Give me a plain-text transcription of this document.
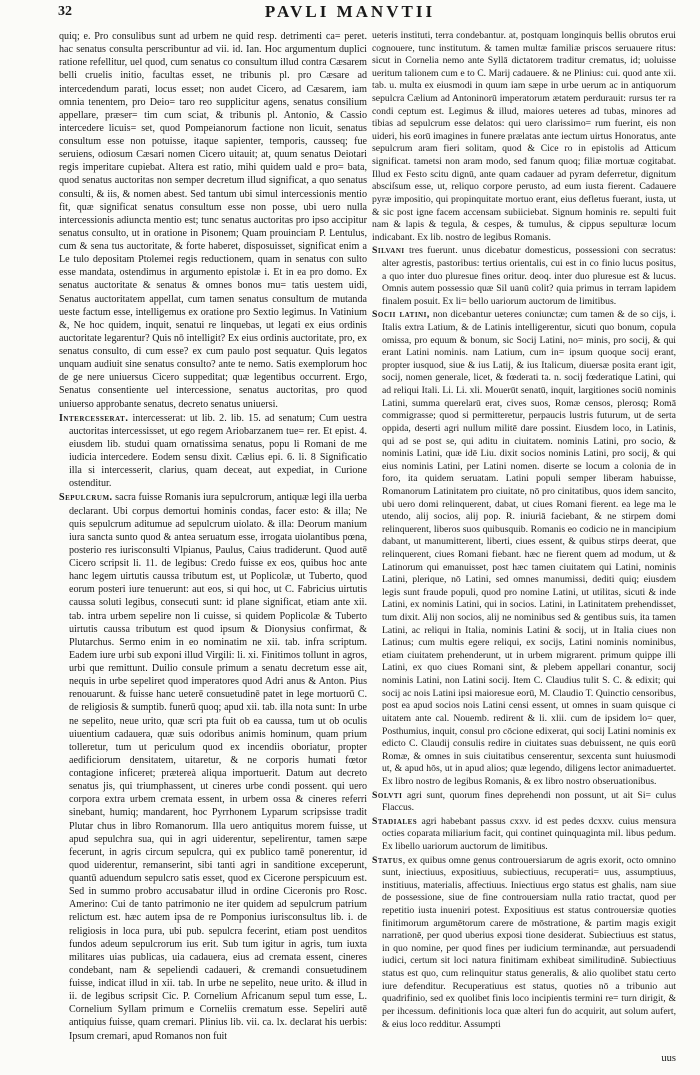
32	PAVLI MANVTII

quiq; e. Pro consulibus sunt ad urbem ne quid resp. detrimenti ca= peret. hac senatus consulta perscribuntur ad vii. id. Ian. Hoc argumentum duplici ratione refellitur, uel quod, cum senatus co consultum illud contra Cæsarem belli cruelis initio, facultas esset, ne tribunis pl. pro Cæsare ad intercedendum parati, locus esset; non audet Cicero, ad Cæsarem, iam omnia tenentem, pro Deio= taro reo supplicitur agens, senatus consilium appellare, præser= tim cum sciat, & tribunis pl. Antonio, & Cassio intercedere licuis= set, quod Pompeianorum factione non licuit, senatus consultum esse non potuisse, itaque sapienter, temporis, causseq; fue seruiens, odiosum Cæsari nomen Cicero uitauit; at, quum senatus Deiotari regis imperitare cupiebat. Altera est ratio, mihi quidem uald e pro= bata, quod senatus auctoritas non semper decretum illud significat, a quo senatus consulti, & iis, & nomen abest. Sed tantum ubi simul intercessionis mentio fit, quæ significat senatus consultum esse non posse, ubi uero nulla intercessionis adiuncta mentio est; tunc senatus auctoritas pro ipso accipitur senatus consulto, ut in oratione in Pisonem; Quam prouinciam P. Lentulus, cum & sena tus auctoritate, & forte haberet, disposuisset, significat enim a Le tulo depositam Ptolemei regis reductionem, quam in senatus con sulto esse mandata, ostendimus in argumento epistolæ i. Et in ea pro domo. Ex senatus auctoritate & senatus & omnes bonos mu= tatis uestem uidi, Senatus auctoritatem appellat, cum tamen senatus consultum de mutanda ueste factum esse, intelligemus ex oratione pro Sextio legimus. In Vatinium &, Ne hoc quidem, inquit, senatui re linquebas, ut legati ex eius ordinis auctoritate legarentur? Quis nō intelligit? Ex eius ordinis auctoritate, pro, ex senatus consulto, di cum esse? ex cum paulo post sequatur. Quis legatos unquam audiuit sine senatus consulto? ante te nemo. Satis exemplorum hoc de ge nere uniuersus Cicero suppeditat; quæ legentibus occurrent. Ergo, Senatus consentiente uel intercessione, senatus auctoritas, pro quod uniuerso approbante senatus, decreto senatus uniuersi.

Intercesserat. intercesserat: ut lib. 2. lib. 15. ad senatum; Cum uestra auctoritas intercessisset, ut ego regem Ariobarzanem tue= rer. Et epist. 4. eiusdem lib. studui quam ornatissima senatus, popu li Romani de me iudicia intercedere. Eodem sensu dixit. Cælius epi. 6. li. 8 Significatio illa si intercesserit, clarius, quam deceat, aut expediat, in Curione ostenditur.

Sepulcrum. sacra fuisse Romanis iura sepulcrorum, antiquæ legi illa uerba declarant. Ubi corpus demortui hominis condas, facer esto: & illa; Ne quis sepulcrum aditumue ad sepulcrum uiolato. & illa: Deorum manium iura sancta sunto quod & antea seruatum esse, irrogata uiolantibus pœna, posterio res iurisconsulti Vlpianus, Paulus, Caius tradiderunt. Quod autē Cicero scripsit li. 11. de legibus: Credo fuisse ex eos, quibus hoc ante hanc legem uirtutis caussa tributum est, ut Poplicolæ, ut Tuberto, quod eorum posteri iure tenuerunt: aut eos, si qui hoc, ut C. Fabricius uirtutis caussa soluti legibus, consecuti sunt: id plane significat, etiam ante xii. tab. intra urbem sepelire non li cuisse, si quidem Poplicolæ & Tuberto uirtutis caussa tributum est quod ipsum & Dionysius confirmat, & Plutarchus. Sermo enim in eo nominatim ne xii. tab. infra scriptum. Eadem iure urbi sub exponi illud Virgili: li. xi. Finitimos tollunt in agros, urbi que remittunt. Duilio consule primum a senatu decretum esse ait, nequis in urbe sepeliret quod imperatores quod Adri anus & Anton. Pius renouarunt. & fuisse hanc ueterē consuetudinē patet in lege mortuorū C. de religiosis & sumptib. funerū quoq; apud xii. tab. illa nota sunt: In urbe ne sepelito, neue urito, quæ scri pta fuit ob ea caussa, tum ut ob oculis uiuentium cadauera, quæ suis odoribus animis hominum, quam prium tolleretur, tum ut periculum quod ex incendiis oboriatur, propter aedificiorum densitatem, uitaretur, & ne corporis humati fœtor contagione inficeret; prætereà aliqua importuerit. Datum aut decreto senatus jis, qui triumphassent, ut cineres urbe condi possent. qui uero corpora extra urbem cremata essent, in urbem ossa & cineres referri sinebant, humiq; mandarent, hoc Pyrrhonem Lyparum scripsisse tradit Plutar chus in libro Romanorum. Illa uero antiquitus morem fuisse, ut apud sepulchra sua, qui in agri uiderentur, sepelirentur, tamen sæpe fecerunt, in agris circum sepulcra, qui ex publico tamē ponerentur, id quod uiderentur, remanserint, sibi tanti agri in sanditione exceperunt, quantū aduendum sepulcro satis esset, quod ex Cicerone perspicuum est. Sed in summo probro accusabatur illud in ordine Ciceronis pro Rosc. Amerino: Cui de tanto patrimonio ne iter quidem ad sepulcrum patrium relictum est. hæc autem ipsa de re Pomponius iurisconsultus lib. i. de religiosis in loca pura, ubi pub. sepulcra fecerint, etiam post uenditos fundos adeum sepulcrorum ius erit. Sub tum igitur in agris, tum iuxta militares uias publicas, uia cadauera, eius ad cremata essent, cineres condebant, nam & sepeliendi cadaueri, & cremandi consuetudinem fuisse, indicat illud in xii. tab. In urbe ne sepelito, neue urito. & illud in ii. de legibus scripsit Cic. P. Cornelium Africanum sepul tum esse, L. Cornelium Syllam primum e Corneliis crematum esse. Sepeliri autē antiquius fuisse, quam cremari. Plinius lib. vii. ca. lx. declarat his uerbis: Ipsum cremari, apud Romanos non fuit

ueteris instituti, terra condebantur. at, postquam longinquis bellis obrutos erui cognouere, tunc institutum. & tamen multæ familiæ priscos seruauere ritus: sicut in Cornelia nemo ante Syllā dictatorem traditur crematus, id; uoluisse ueritum talionem cum e to C. Marij cadauere. & ne Plinius: cui. quod ante xii. tab. u. multa ex eiusmodi in quum iam sæpe in urbe uerum ac in antiquorum sepulcra Cælium ad Antoninorū imperatorum ætatem perdurauit: rursus ter ra condi ceptum est. Legimus & illud, maiores ueteres ad tubas, minores ad tibias ad sepulcrum esse delatos: qui uero clarissimo= rum fuerint, eis non uideri, his eorū imagines in funere prælatas ante iectum uirtus Honoratus, ante sepulcrum aram fieri solitam, quod & Cice ro in epistolis ad Atticum significat. tametsi non aram modo, sed fanum quoq; filiæ mortuæ cogitabat. Illud ex Festo scitu dignū, ante quam cadauer ad pyram deferretur, dignitum absciſsum esse, ut, reliquo corpore perusto, ad eum iusta fierent. Cadauere pyræ impositio, qui propinquitate mortuo erant, eius defletus fuerant, iusta, ut & sic post igne facem accensam subiiciebat. Signum hominis re. sepulti fuit nam & lapis & tegula, & cespes, & tumulus, & cippus sepulturæ locum indicabant. Ex lib. nostro de legibus Romanis.

Silvani tres fuerunt. unus dicebatur domesticus, possessioni con secratus: alter agrestis, pastoribus: tertius orientalis, cui est in co finio lucus positus, a quo inter duo pluresue fines oritur. deoq. inter duo pluresue est & lucus. Omnis autem possessio quæ Sil uanū colit? quia primus in terram lapidem finalem posuit. Ex li= bello uariorum auctorum de limitibus.

Socii latini, non dicebantur ueteres coniunctæ; cum tamen & de so cijs, i. Italis extra Latium, & de Latinis intelligerentur, sicuti quo bonum, copula omissa, pro equum & bonum, sic Socij Latini, no= minis, pro socij, & qui erant Latini nominis. nam Latium, cum in= ipsum quoque socij erant, propter iusquod, siue & ius Latij, & ius Italicum, diuersæ posita erant igit, socij, nomen generale, licet, & fœderati ta. n. socij fœderatique Latini, qui ad reliqui Itali. Li. Li. xli. Mouerūt senatū, inquit, largitiones sociū nominis Latini, summa querelarū erat, cives suos, Romæ censos, plerosq; Romā commigrasse; quod si permitteretur, perpaucis lustris futurum, ut de serta oppida, deserti agri nullum militē dare possint. Eiusdem loco, in Latinis, qui ad se post se, qui aditu in ciuitatem. nominis Latini, pro socio, & nominis Latini, quæ idē Liu. dixit socios nominis Latini, pro socij, & qui eius nominis Latini, per Latini nomen. diserte se locum a colonia de in foro, ita quidem seruatam. Latini populi semper liberam habuisse, Romanorum Latinitatem pro ciuitate, nō pro cinitatibus, quos idem sancito, ubi uero domi relinquerent, dabat, ut ciues Romani fierent. ea lege ma le utendo, alij socios, alij pop. R. iniuriā faciebant, & ne stirpem domi relinquerent, liberos suos quibusquib. Romanis eo codicio ne in mancipium dabant, ut manumitterent, liberti, ciues essent, & quibus stirps deerat, que relinquerent, ciues Romani fiebant. hæc ne fierent quem ad modum, ut & Latinorum qui emanuisset, post hæc tamen ciuitatem qui Latini, nominis Latini, plerique, nō Latini, sed omnes manumissi, dediti quiq; eiusdem legis sunt fraude populi, quod pro nomine Latini, ut utilitas, sicuti & inde Latini, ex nominis Latini, qui in socios. Latini, in Latinitatem prehendisset, tum dixit. Alij non socios, alij ne nominibus sed & gentibus suis, ita tamen Latini, ac reliqui in Italia, nominis Latini & socij, ut in Italia ciues non Latinus; cum multis egere reliqui, ex socijs, Latini nominis nominibus, etiam ciuitatem prehenderunt, ut in urbem migrarent. primum quippe illi Latini, ex quo ciues Romani sint, & plebem appellari conantur, socij nominis Latini, non Latini socij. Item C. Claudius tulit S. C. & edixit; qui socij ac nois Latini ipsi maioresue eorū, M. Claudio T. Quinctio censoribus, post ea apud socios nois Latini censi essent, ut omnes in suam quisque ci uitatem ante cal. Nouemb. redirent & li. xlii. cum de ipsidem lo= quer, Posthumius, inquit, consul pro cōcione edixerat, qui socij Latini nominis ex edicto C. Claudij consulis redire in ciuitates suas debuissent, ne quis eorū Romæ, & omnes in suis ciuitatibus censerentur, sexcenta sunt huiusmodi ut, & apud hōs, ut in apud alios; quæ legendo, diligens lector animaduertet. Ex libro nostro de legibus Romanis, & ex libro nostro obseruationibus.

Solvti agri sunt, quorum fines deprehendi non possunt, ut ait Si= culus Flaccus.

Stadiales agri habebant passus cxxv. id est pedes dcxxv. cuius mensura octies coparata miliarium facit, qui continet quinquaginta mil. libus pedum. Ex libello uariorum auctorum de limitibus.

Status, ex quibus omne genus controuersiarum de agris exorit, octo omnino sunt, iniectiuus, expositiuus, subiectiuus, recuperati= uus, assumptiuus, institiuus, materialis, affectiuus. Iniectiuus ergo status est ghalis, nam siue de possessione, siue de fine controuersiam nulla ratio tractat, quod per repetitio iusta inueniri potest. Expositiuus est status controuersiæ quoties finitimorum argumētorum carere de mōstratione, & partim magis exigit narrationē, per quod uberius exposi tione desiderat. Subiectiuus est status, in quo nomine, per quod fines per iudicium terminandæ, aut persuadendi iudici, certum sit loci natura finitimam exhibeat similitudinē. Subiectiuus status est quo, cum relinquitur status generalis, & alio quolibet statu certo iure defenditur. Recuperatiuus est status, quoties nō a tribunio aut quadrifinio, sed ex quolibet finis loco incipientis termini re= turn dirigit, & per ihcessum. definitionis loca quæ alteri fun do acquirit, aut solum aufert, & eius loco redditur. Assumpti

uus
